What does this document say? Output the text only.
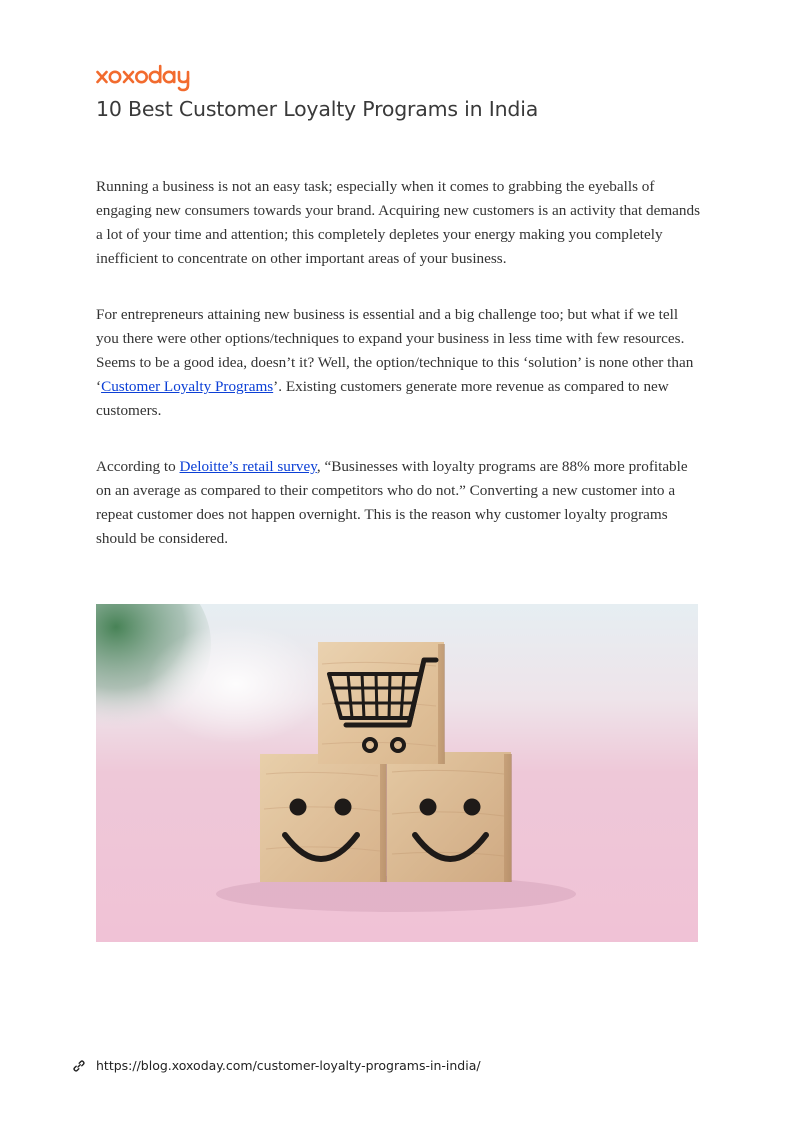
10 Best Customer Loyalty Programs in India

Running a business is not an easy task; especially when it comes to grabbing the eyeballs of engaging new consumers towards your brand. Acquiring new customers is an activity that demands a lot of your time and attention; this completely depletes your energy making you completely inefficient to concentrate on other important areas of your business.

For entrepreneurs attaining new business is essential and a big challenge too; but what if we tell you there were other options/techniques to expand your business in less time with few resources. Seems to be a good idea, doesn’t it? Well, the option/technique to this ‘solution’ is none other than ‘Customer Loyalty Programs’. Existing customers generate more revenue as compared to new customers.

According to Deloitte’s retail survey, “Businesses with loyalty programs are 88% more profitable on an average as compared to their competitors who do not.” Converting a new customer into a repeat customer does not happen overnight. This is the reason why customer loyalty programs should be considered.

https://blog.xoxoday.com/customer-loyalty-programs-in-india/
